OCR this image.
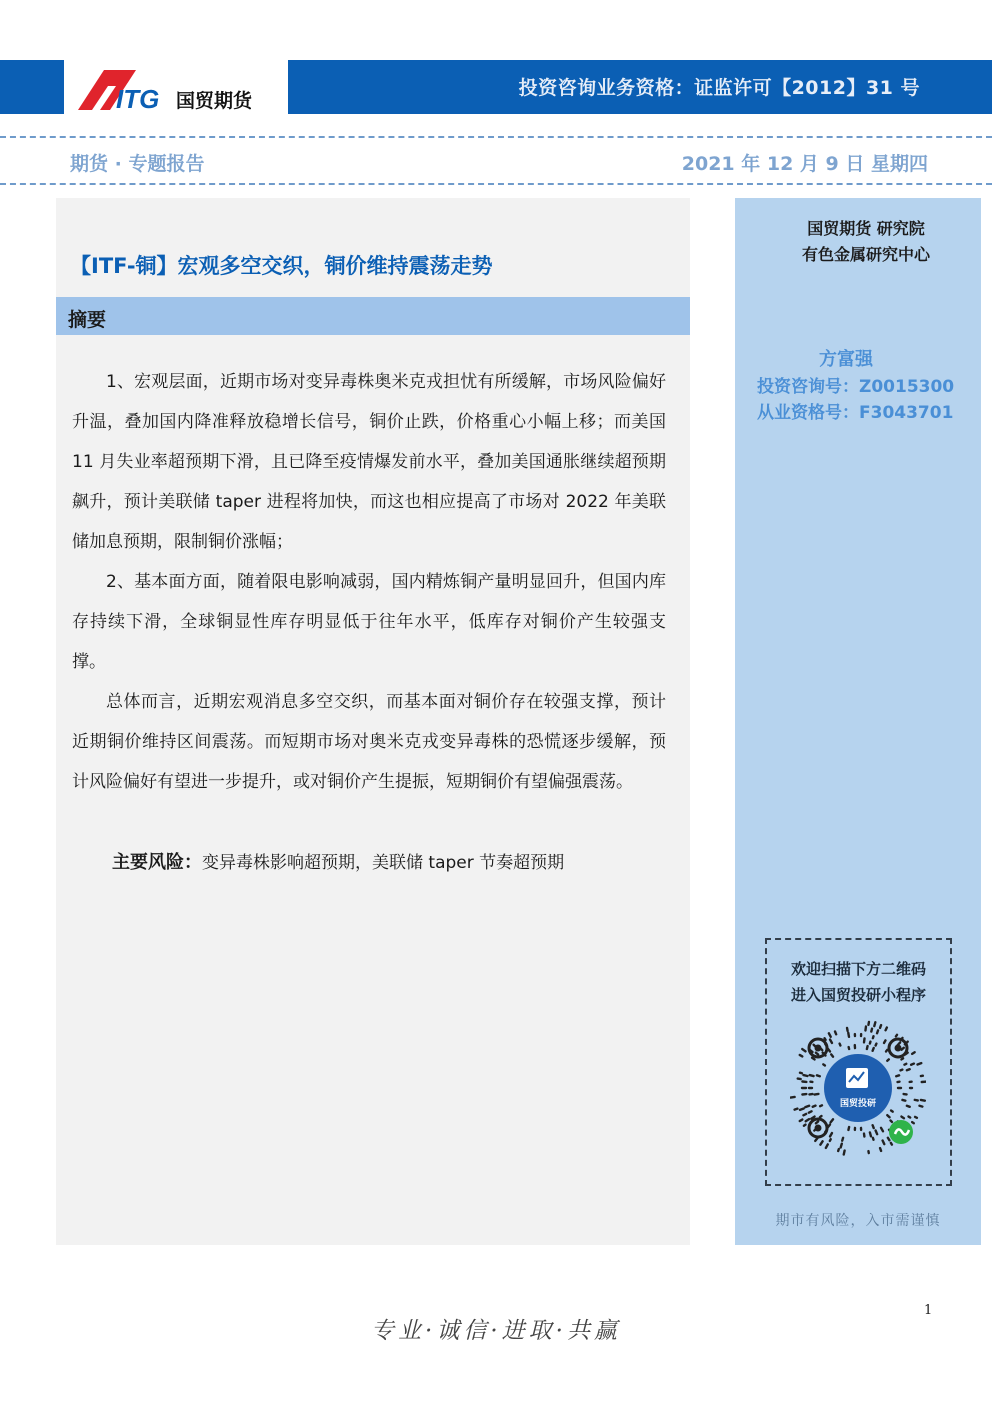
投资咨询业务资格：证监许可【2012】31 号
ITG 国贸期货
期货 · 专题报告	2021 年 12 月 9 日 星期四
【ITF-铜】宏观多空交织，铜价维持震荡走势
摘要

1、宏观层面，近期市场对变异毒株奥米克戎担忧有所缓解，市场风险偏好升温，叠加国内降准释放稳增长信号，铜价止跌，价格重心小幅上移；而美国 11 月失业率超预期下滑，且已降至疫情爆发前水平，叠加美国通胀继续超预期飙升，预计美联储 taper 进程将加快，而这也相应提高了市场对 2022 年美联储加息预期，限制铜价涨幅；

2、基本面方面，随着限电影响减弱，国内精炼铜产量明显回升，但国内库存持续下滑，全球铜显性库存明显低于往年水平，低库存对铜价产生较强支撑。

总体而言，近期宏观消息多空交织，而基本面对铜价存在较强支撑，预计近期铜价维持区间震荡。而短期市场对奥米克戎变异毒株的恐慌逐步缓解，预计风险偏好有望进一步提升，或对铜价产生提振，短期铜价有望偏强震荡。

主要风险：变异毒株影响超预期，美联储 taper 节奏超预期
国贸期货 研究院
有色金属研究中心
方富强
投资咨询号：Z0015300
从业资格号：F3043701
欢迎扫描下方二维码
进入国贸投研小程序
国贸投研
期市有风险，入市需谨慎
1
专业·诚信·进取·共赢
